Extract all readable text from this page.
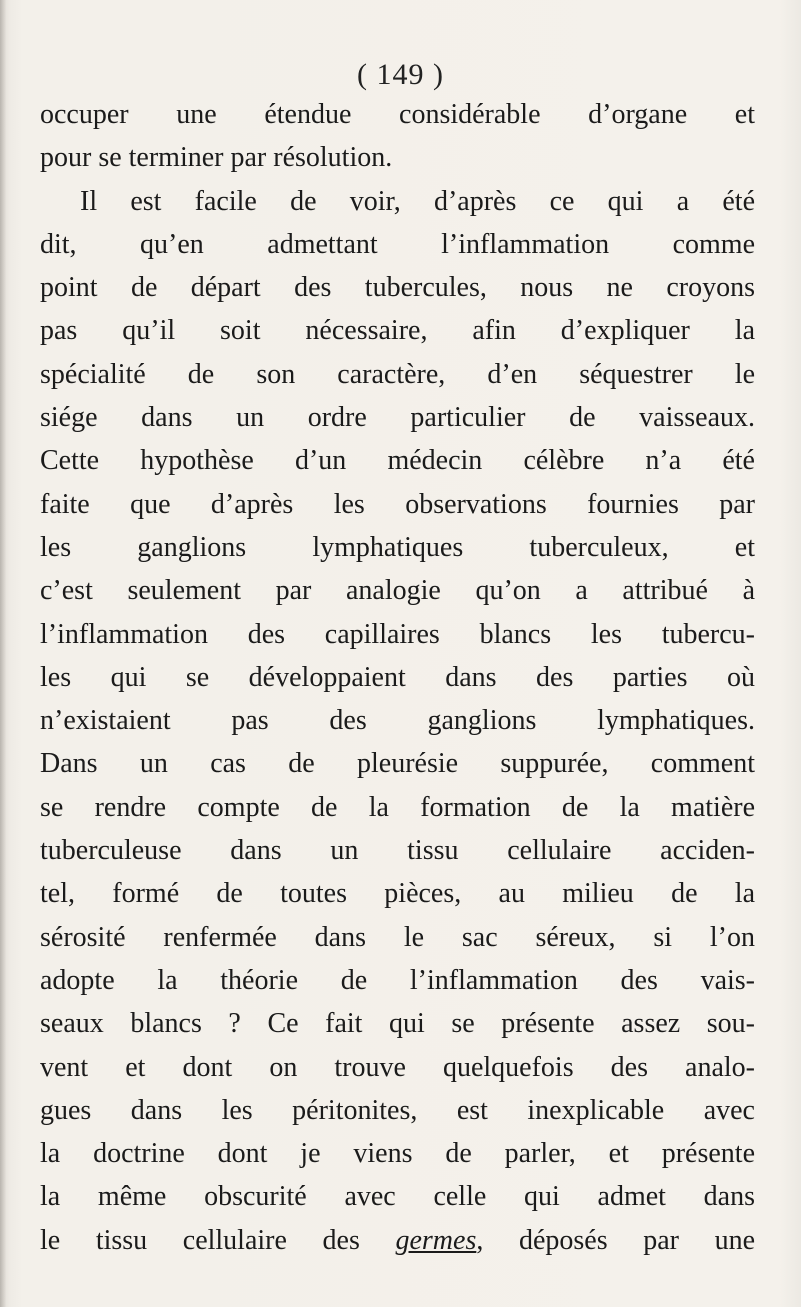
( 149 )
occuper une étendue considérable d’organe et
pour se terminer par résolution.
Il est facile de voir, d’après ce qui a été
dit, qu’en admettant l’inflammation comme
point de départ des tubercules, nous ne croyons
pas qu’il soit nécessaire, afin d’expliquer la
spécialité de son caractère, d’en séquestrer le
siége dans un ordre particulier de vaisseaux.
Cette hypothèse d’un médecin célèbre n’a été
faite que d’après les observations fournies par
les ganglions lymphatiques tuberculeux, et
c’est seulement par analogie qu’on a attribué à
l’inflammation des capillaires blancs les tubercu-
les qui se développaient dans des parties où
n’existaient pas des ganglions lymphatiques.
Dans un cas de pleurésie suppurée, comment
se rendre compte de la formation de la matière
tuberculeuse dans un tissu cellulaire acciden-
tel, formé de toutes pièces, au milieu de la
sérosité renfermée dans le sac séreux, si l’on
adopte la théorie de l’inflammation des vais-
seaux blancs ? Ce fait qui se présente assez sou-
vent et dont on trouve quelquefois des analo-
gues dans les péritonites, est inexplicable avec
la doctrine dont je viens de parler, et présente
la même obscurité avec celle qui admet dans
le tissu cellulaire des germes, déposés par une
